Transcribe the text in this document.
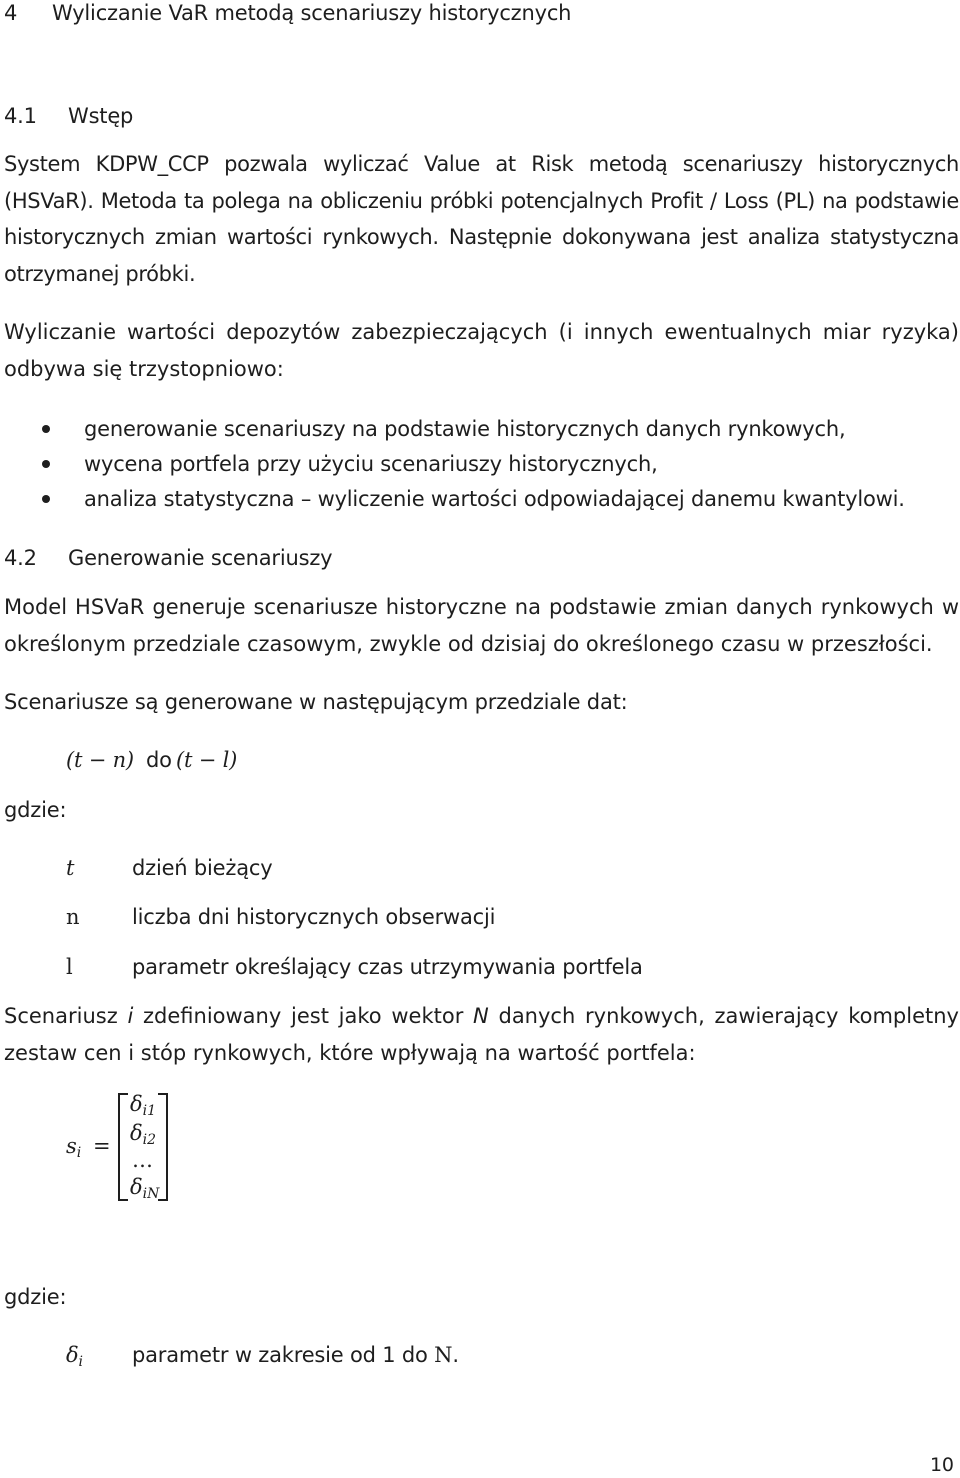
4 Wyliczanie VaR metodą scenariuszy historycznych
4.1 Wstęp

System KDPW_CCP pozwala wyliczać Value at Risk metodą scenariuszy historycznych (HSVaR). Metoda ta polega na obliczeniu próbki potencjalnych Profit / Loss (PL) na podstawie historycznych zmian wartości rynkowych. Następnie dokonywana jest analiza statystyczna otrzymanej próbki.

Wyliczanie wartości depozytów zabezpieczających (i innych ewentualnych miar ryzyka) odbywa się trzystopniowo:

generowanie scenariuszy na podstawie historycznych danych rynkowych,
wycena portfela przy użyciu scenariuszy historycznych,
analiza statystyczna – wyliczenie wartości odpowiadającej danemu kwantylowi.
4.2 Generowanie scenariuszy

Model HSVaR generuje scenariusze historyczne na podstawie zmian danych rynkowych w określonym przedziale czasowym, zwykle od dzisiaj do określonego czasu w przeszłości.

Scenariusze są generowane w następującym przedziale dat:
(t − n) do (t − l)
gdzie:
t	dzień bieżący
n	liczba dni historycznych obserwacji
l	parametr określający czas utrzymywania portfela

Scenariusz i zdefiniowany jest jako wektor N danych rynkowych, zawierający kompletny zestaw cen i stóp rynkowych, które wpływają na wartość portfela:

$s_i$ =
$\delta_{i1}$
$\delta_{i2}$
…
$\delta_{iN}$
gdzie:
$\delta_i$ parametr w zakresie od 1 do N.
10
